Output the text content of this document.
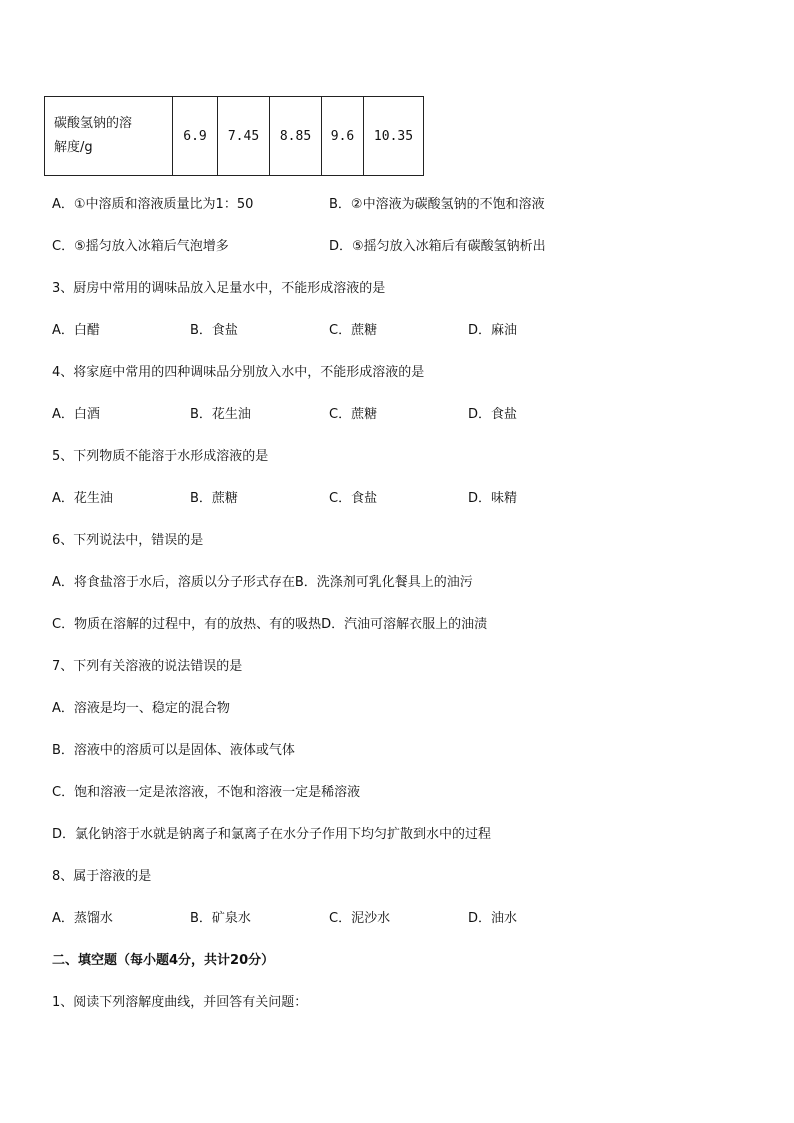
碳酸氢钠的溶
解度/g
	6.9	7.45	8.85	9.6	10.35
A．①中溶质和溶液质量比为1：50	B．②中溶液为碳酸氢钠的不饱和溶液
C．⑤摇匀放入冰箱后气泡增多	D．⑤摇匀放入冰箱后有碳酸氢钠析出
3、厨房中常用的调味品放入足量水中，不能形成溶液的是
A．白醋	B．食盐	C．蔗糖	D．麻油
4、将家庭中常用的四种调味品分别放入水中，不能形成溶液的是
A．白酒	B．花生油	C．蔗糖	D．食盐
5、下列物质不能溶于水形成溶液的是
A．花生油	B．蔗糖	C．食盐	D．味精
6、下列说法中，错误的是
A．将食盐溶于水后，溶质以分子形式存在B．洗涤剂可乳化餐具上的油污
C．物质在溶解的过程中，有的放热、有的吸热D．汽油可溶解衣服上的油渍
7、下列有关溶液的说法错误的是
A．溶液是均一、稳定的混合物
B．溶液中的溶质可以是固体、液体或气体
C．饱和溶液一定是浓溶液，不饱和溶液一定是稀溶液
D．氯化钠溶于水就是钠离子和氯离子在水分子作用下均匀扩散到水中的过程
8、属于溶液的是
A．蒸馏水	B．矿泉水	C．泥沙水	D．油水
二、填空题（每小题4分，共计20分）
1、阅读下列溶解度曲线，并回答有关问题：
